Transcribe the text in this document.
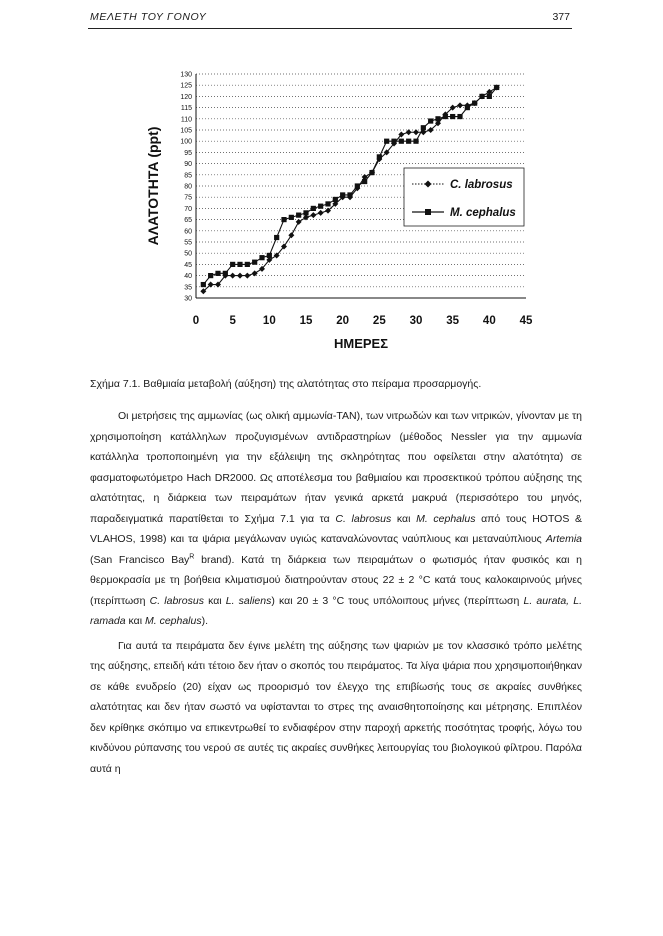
ΜΕΛΕΤΗ ΤΟΥ ΓΟΝΟΥ	377
30
35
40
45
50
55
60
65
70
75
80
85
90
95
100
105
110
115
120
125
130
0	5 10 15 20 25 30 35 40 45
ΗΜΕΡΕΣ
ΑΛΑΤΟΤΗΤΑ (ppt)	C. labrosus
M. cephalus
Σχήμα 7.1. Βαθμιαία μεταβολή (αύξηση) της αλατότητας στο πείραμα προσαρμογής.

Οι μετρήσεις της αμμωνίας (ως ολική αμμωνία-TAN), των νιτρωδών και των νιτρικών, γίνονταν με τη χρησιμοποίηση κατάλληλων προζυγισμένων αντιδραστηρίων (μέθοδος Nessler για την αμμωνία κατάλληλα τροποποιημένη για την εξάλειψη της σκληρότητας που οφείλεται στην αλατότητα) σε φασματοφωτόμετρο Hach DR2000. Ως αποτέλεσμα του βαθμιαίου και προσεκτικού τρόπου αύξησης της αλατότητας, η διάρκεια των πειραμάτων ήταν γενικά αρκετά μακρυά (περισσότερο του μηνός, παραδειγματικά παρατίθεται το Σχήμα 7.1 για τα C. labrosus και M. cephalus από τους HOTOS & VLAHOS, 1998) και τα ψάρια μεγάλωναν υγιώς καταναλώνοντας ναύπλιους και μεταναύπλιους Artemia (San Francisco Bay$^R$ brand). Κατά τη διάρκεια των πειραμάτων ο φωτισμός ήταν φυσικός και η θερμοκρασία με τη βοήθεια κλιματισμού διατηρούνταν στους 22 ± 2 °C κατά τους καλοκαιρινούς μήνες (περίπτωση C. labrosus και L. saliens) και 20 ± 3 °C τους υπόλοιπους μήνες (περίπτωση L. aurata, L. ramada και M. cephalus).

Για αυτά τα πειράματα δεν έγινε μελέτη της αύξησης των ψαριών με τον κλασσικό τρόπο μελέτης της αύξησης, επειδή κάτι τέτοιο δεν ήταν ο σκοπός του πειράματος. Τα λίγα ψάρια που χρησιμοποιήθηκαν σε κάθε ενυδρείο (20) είχαν ως προορισμό τον έλεγχο της επιβίωσής τους σε ακραίες συνθήκες αλατότητας και δεν ήταν σωστό να υφίστανται το στρες της αναισθητοποίησης και μέτρησης. Επιπλέον δεν κρίθηκε σκόπιμο να επικεντρωθεί το ενδιαφέρον στην παροχή αρκετής ποσότητας τροφής, λόγω του κινδύνου ρύπανσης του νερού σε αυτές τις ακραίες συνθήκες λειτουργίας του βιολογικού φίλτρου. Παρόλα αυτά η
